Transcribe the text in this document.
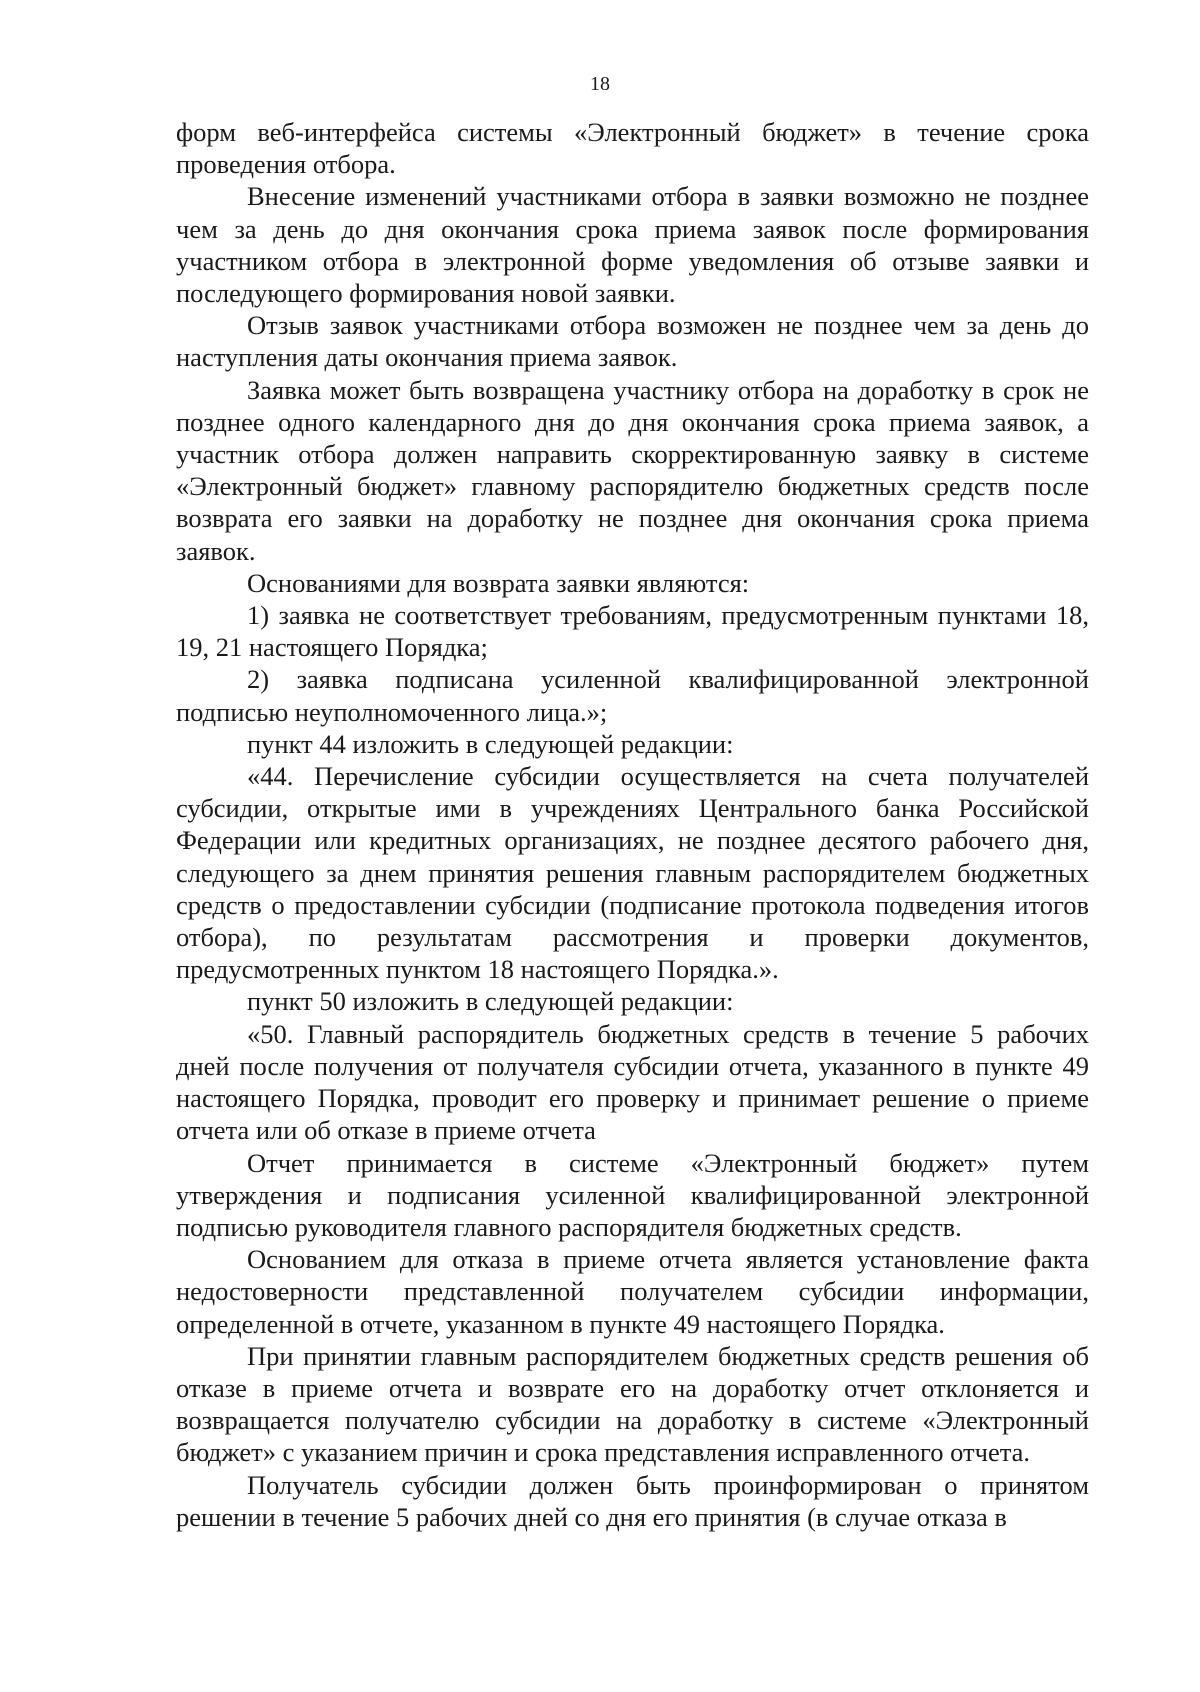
18

форм веб-интерфейса системы «Электронный бюджет» в течение срока проведения отбора.

Внесение изменений участниками отбора в заявки возможно не позднее чем за день до дня окончания срока приема заявок после формирования участником отбора в электронной форме уведомления об отзыве заявки и последующего формирования новой заявки.

Отзыв заявок участниками отбора возможен не позднее чем за день до наступления даты окончания приема заявок.

Заявка может быть возвращена участнику отбора на доработку в срок не позднее одного календарного дня до дня окончания срока приема заявок, а участник отбора должен направить скорректированную заявку в системе «Электронный бюджет» главному распорядителю бюджетных средств после возврата его заявки на доработку не позднее дня окончания срока приема заявок.

Основаниями для возврата заявки являются:

1) заявка не соответствует требованиям, предусмотренным пунктами 18, 19, 21 настоящего Порядка;

2) заявка подписана усиленной квалифицированной электронной подписью неуполномоченного лица.»;

пункт 44 изложить в следующей редакции:

«44. Перечисление субсидии осуществляется на счета получателей субсидии, открытые ими в учреждениях Центрального банка Российской Федерации или кредитных организациях, не позднее десятого рабочего дня, следующего за днем принятия решения главным распорядителем бюджетных средств о предоставлении субсидии (подписание протокола подведения итогов отбора), по результатам рассмотрения и проверки документов, предусмотренных пунктом 18 настоящего Порядка.».

пункт 50 изложить в следующей редакции:

«50. Главный распорядитель бюджетных средств в течение 5 рабочих дней после получения от получателя субсидии отчета, указанного в пункте 49 настоящего Порядка, проводит его проверку и принимает решение о приеме отчета или об отказе в приеме отчета

Отчет принимается в системе «Электронный бюджет» путем утверждения и подписания усиленной квалифицированной электронной подписью руководителя главного распорядителя бюджетных средств.

Основанием для отказа в приеме отчета является установление факта недостоверности представленной получателем субсидии информации, определенной в отчете, указанном в пункте 49 настоящего Порядка.

При принятии главным распорядителем бюджетных средств решения об отказе в приеме отчета и возврате его на доработку отчет отклоняется и возвращается получателю субсидии на доработку в системе «Электронный бюджет» с указанием причин и срока представления исправленного отчета.

Получатель субсидии должен быть проинформирован о принятом решении в течение 5 рабочих дней со дня его принятия (в случае отказа в
